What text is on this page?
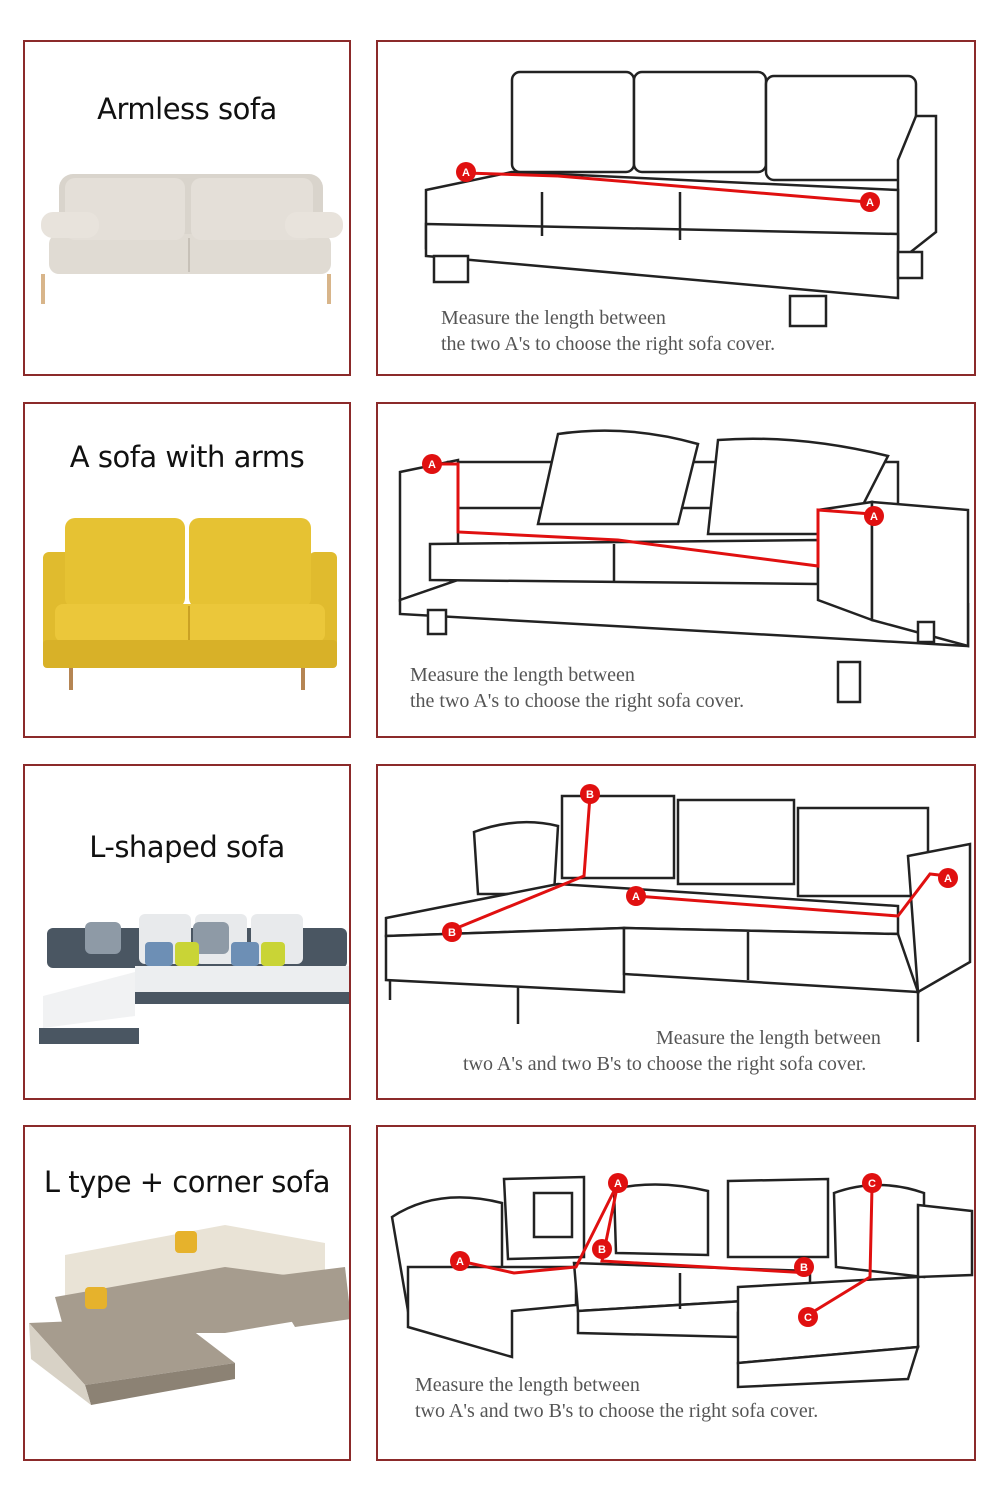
Armless sofa
A
A
Measure the length between
the two A's to choose the right sofa cover.
A sofa with arms	A
A
Measure the length between
the two A's to choose the right sofa cover.
L-shaped sofa
B
B
A
A
Measure the length between
two A's and two B's to choose the right sofa cover.
L type + corner sofa
A
A
B
B
C
C
Measure the length between
two A's and two B's to choose the right sofa cover.
